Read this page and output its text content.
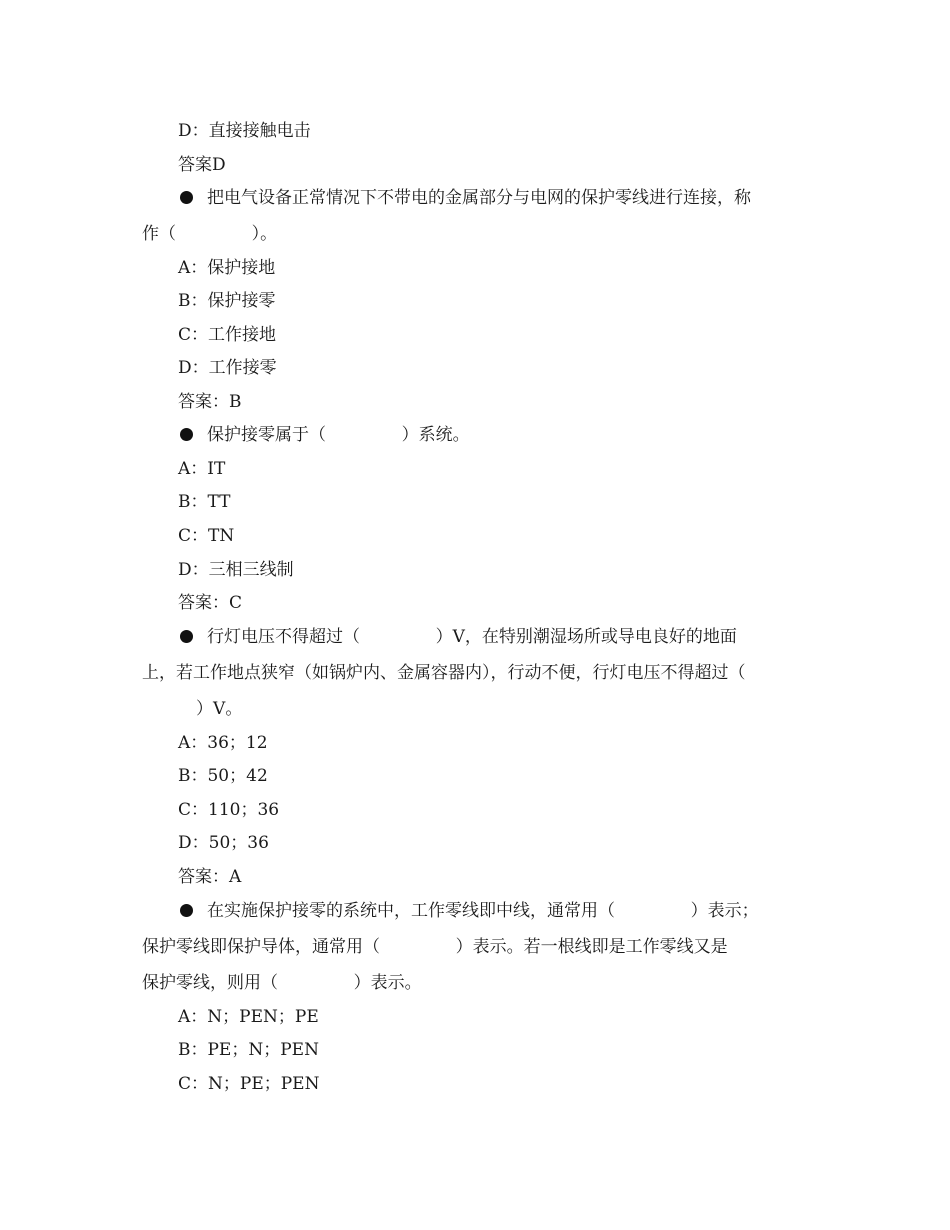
D：直接接触电击
答案D
把电气设备正常情况下不带电的金属部分与电网的保护零线进行连接，称
作（              ）。
A：保护接地
B：保护接零
C：工作接地
D：工作接零
答案：B
保护接零属于（              ）系统。
A：IT
B：TT
C：TN
D：三相三线制
答案：C
行灯电压不得超过（              ）V，在特别潮湿场所或导电良好的地面
上，若工作地点狭窄（如锅炉内、金属容器内），行动不便，行灯电压不得超过（
）V。
A：36；12
B：50；42
C：110；36
D：50；36
答案：A
在实施保护接零的系统中，工作零线即中线，通常用（              ）表示；
保护零线即保护导体，通常用（              ）表示。若一根线即是工作零线又是
保护零线，则用（              ）表示。
A：N；PEN；PE
B：PE；N；PEN
C：N；PE；PEN
